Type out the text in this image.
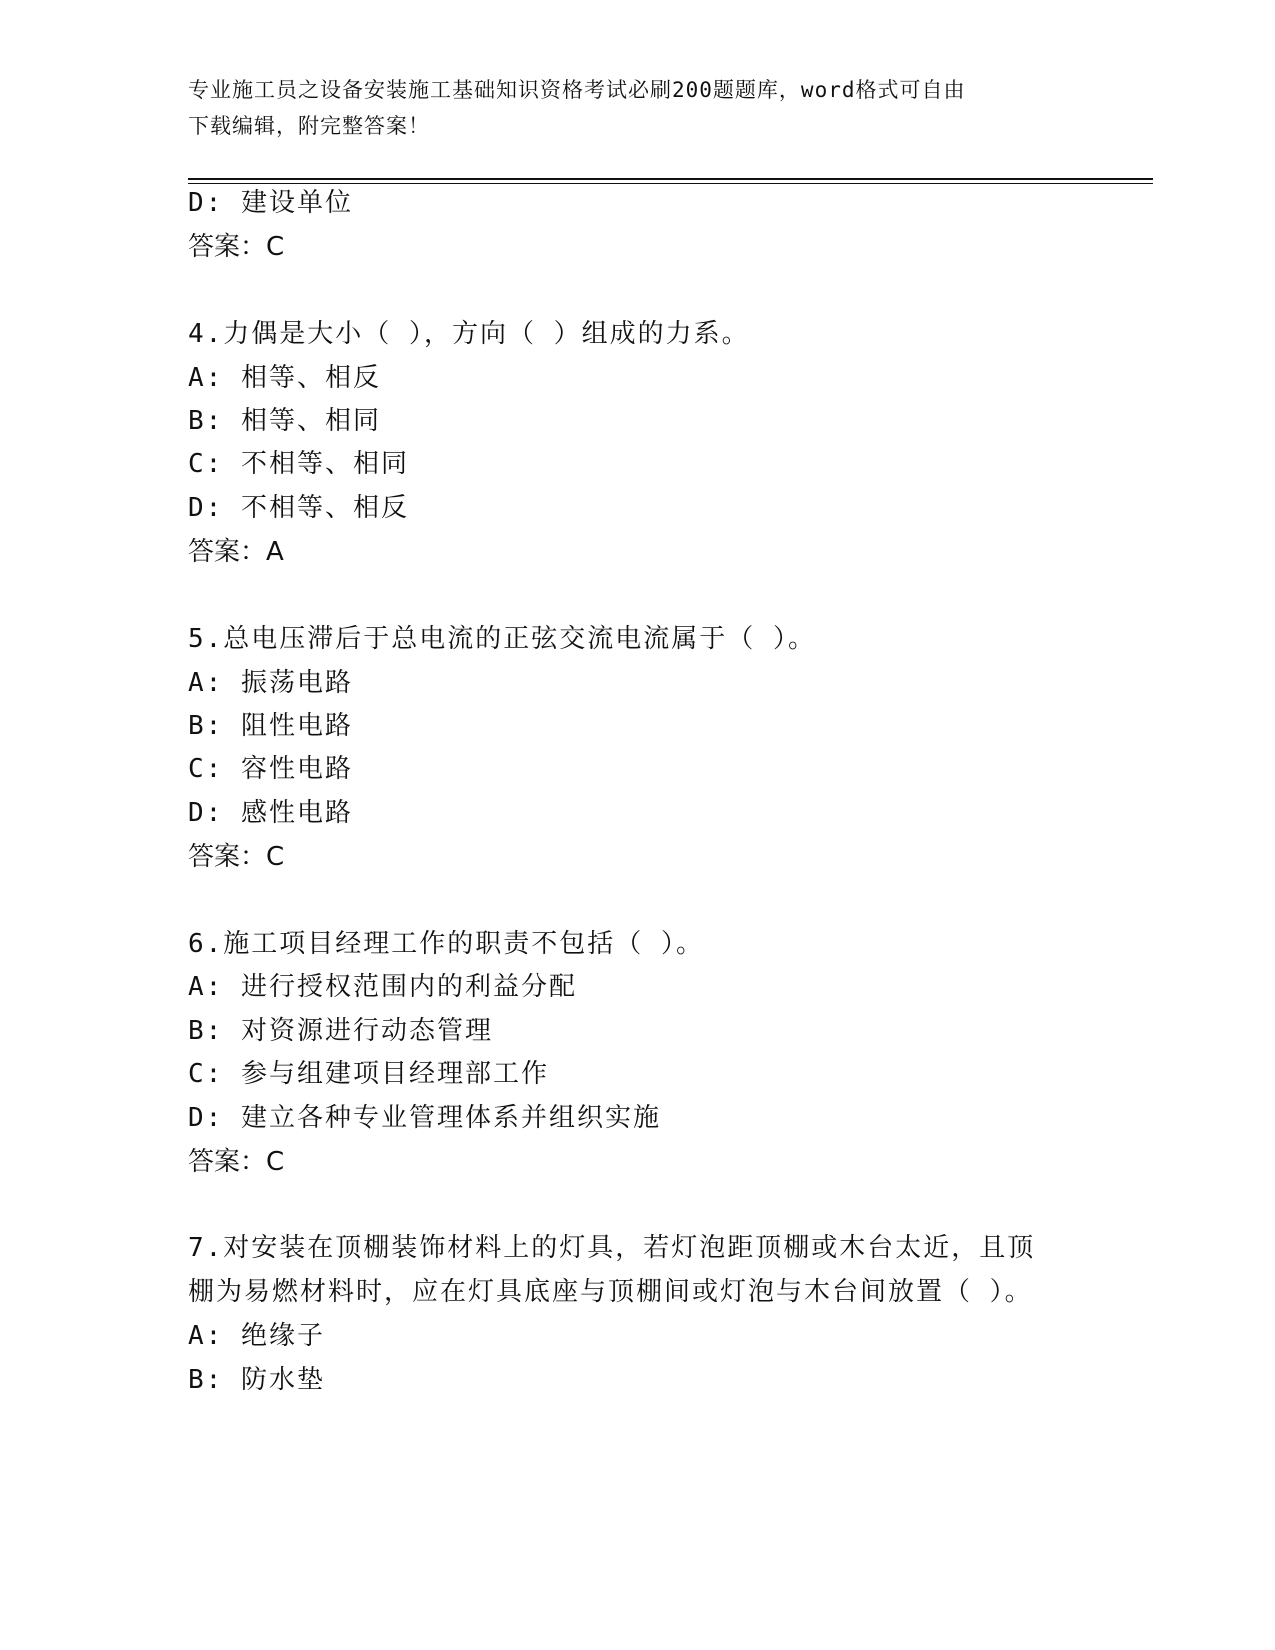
专业施工员之设备安装施工基础知识资格考试必刷200题题库，word格式可自由
下载编辑，附完整答案！
D: 建设单位
答案：C
4.力偶是大小（ ），方向（ ）组成的力系。
A: 相等、相反
B: 相等、相同
C: 不相等、相同
D: 不相等、相反
答案：A
5.总电压滞后于总电流的正弦交流电流属于（ ）。
A: 振荡电路
B: 阻性电路
C: 容性电路
D: 感性电路
答案：C
6.施工项目经理工作的职责不包括（ ）。
A: 进行授权范围内的利益分配
B: 对资源进行动态管理
C: 参与组建项目经理部工作
D: 建立各种专业管理体系并组织实施
答案：C
7.对安装在顶棚装饰材料上的灯具，若灯泡距顶棚或木台太近，且顶
棚为易燃材料时，应在灯具底座与顶棚间或灯泡与木台间放置（ ）。
A: 绝缘子
B: 防水垫
